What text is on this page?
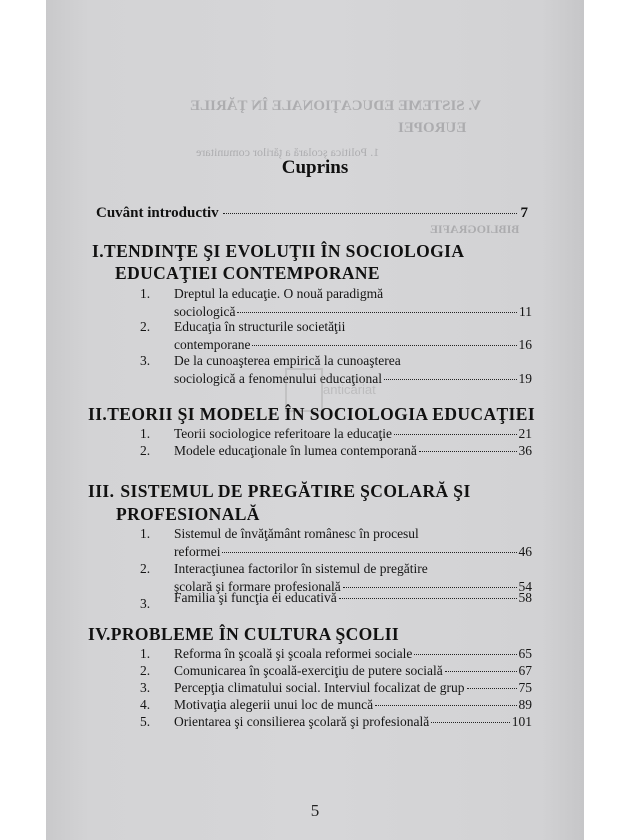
V. SISTEME EDUCAŢIONALE ÎN ŢĂRILE
EUROPEI
1. Politica şcolară a ţărilor comunitare
BIBLIOGRAFIE
Cuprins
Cuvânt introductiv	7
I.TENDINŢE ŞI EVOLUŢII ÎN SOCIOLOGIA
EDUCAŢIEI CONTEMPORANE
1. Dreptul la educaţie. O nouă paradigmă
sociologică	11
2. Educaţia în structurile societăţii
contemporane	16
3. De la cunoaşterea empirică la cunoaşterea
sociologică a fenomenului educaţional	19
anticariat
II.TEORII ŞI MODELE ÎN SOCIOLOGIA EDUCAŢIEI
1. Teorii sociologice referitoare la educaţie	21
2. Modele educaţionale în lumea contemporană	36
III. SISTEMUL DE PREGĂTIRE ŞCOLARĂ ŞI
PROFESIONALĂ
1. Sistemul de învăţământ românesc în procesul
reformei	46
2. Interacţiunea factorilor în sistemul de pregătire
şcolară şi formare profesională	54
3. Familia şi funcţia ei educativă	58
IV.PROBLEME ÎN CULTURA ŞCOLII
1. Reforma în şcoală şi şcoala reformei sociale	65
2. Comunicarea în şcoală-exerciţiu de putere socială	67
3. Percepţia climatului social. Interviul focalizat de grup	75
4. Motivaţia alegerii unui loc de muncă	89
5. Orientarea şi consilierea şcolară şi profesională	101
5
